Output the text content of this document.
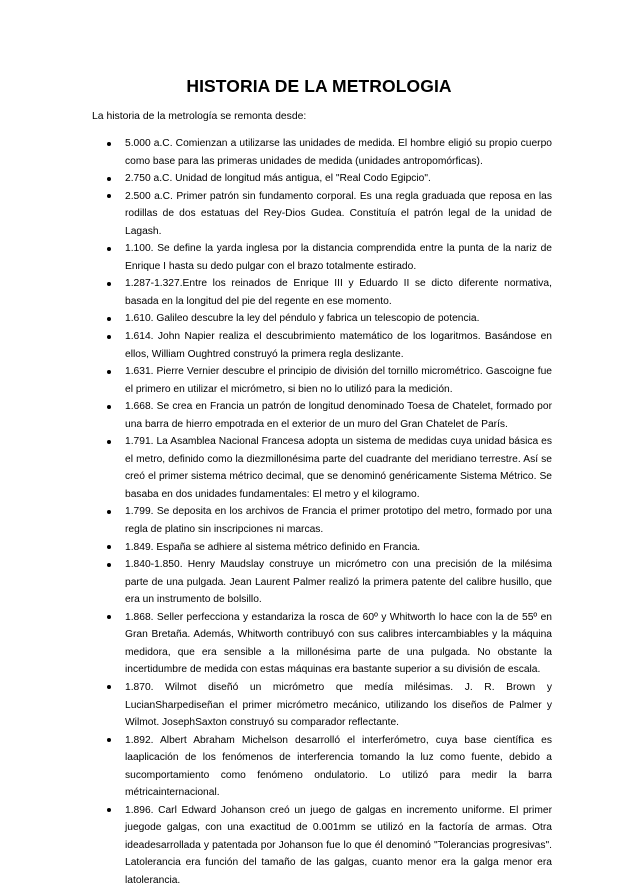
HISTORIA DE LA METROLOGIA

La historia de la metrología se remonta desde:

5.000 a.C. Comienzan a utilizarse las unidades de medida. El hombre eligió su propio cuerpo como base para las primeras unidades de medida (unidades antropomórficas).
2.750 a.C. Unidad de longitud más antigua, el "Real Codo Egipcio".
2.500 a.C. Primer patrón sin fundamento corporal. Es una regla graduada que reposa en las rodillas de dos estatuas del Rey-Dios Gudea. Constituía el patrón legal de la unidad de Lagash.
1.100. Se define la yarda inglesa por la distancia comprendida entre la punta de la nariz de Enrique I hasta su dedo pulgar con el brazo totalmente estirado.
1.287-1.327.Entre los reinados de Enrique III y Eduardo II se dicto diferente normativa, basada en la longitud del pie del regente en ese momento.
1.610. Galileo descubre la ley del péndulo y fabrica un telescopio de potencia.
1.614. John Napier realiza el descubrimiento matemático de los logaritmos. Basándose en ellos, William Oughtred construyó la primera regla deslizante.
1.631. Pierre Vernier descubre el principio de división del tornillo micrométrico. Gascoigne fue el primero en utilizar el micrómetro, si bien no lo utilizó para la medición.
1.668. Se crea en Francia un patrón de longitud denominado Toesa de Chatelet, formado por una barra de hierro empotrada en el exterior de un muro del Gran Chatelet de París.
1.791. La Asamblea Nacional Francesa adopta un sistema de medidas cuya unidad básica es el metro, definido como la diezmillonésima parte del cuadrante del meridiano terrestre. Así se creó el primer sistema métrico decimal, que se denominó genéricamente Sistema Métrico. Se basaba en dos unidades fundamentales: El metro y el kilogramo.
1.799. Se deposita en los archivos de Francia el primer prototipo del metro, formado por una regla de platino sin inscripciones ni marcas.
1.849. España se adhiere al sistema métrico definido en Francia.
1.840-1.850. Henry Maudslay construye un micrómetro con una precisión de la milésima parte de una pulgada. Jean Laurent Palmer realizó la primera patente del calibre husillo, que era un instrumento de bolsillo.
1.868. Seller perfecciona y estandariza la rosca de 60º y Whitworth lo hace con la de 55º en Gran Bretaña. Además, Whitworth contribuyó con sus calibres intercambiables y la máquina medidora, que era sensible a la millonésima parte de una pulgada. No obstante la incertidumbre de medida con estas máquinas era bastante superior a su división de escala.
1.870. Wilmot diseñó un micrómetro que medía milésimas. J. R. Brown y LucianSharpediseñan el primer micrómetro mecánico, utilizando los diseños de Palmer y Wilmot. JosephSaxton construyó su comparador reflectante.
1.892. Albert Abraham Michelson desarrolló el interferómetro, cuya base científica es laaplicación de los fenómenos de interferencia tomando la luz como fuente, debido a sucomportamiento como fenómeno ondulatorio. Lo utilizó para medir la barra métricainternacional.
1.896. Carl Edward Johanson creó un juego de galgas en incremento uniforme. El primer juegode galgas, con una exactitud de 0.001mm se utilizó en la factoría de armas. Otra ideadesarrollada y patentada por Johanson fue lo que él denominó "Tolerancias progresivas". Latolerancia era función del tamaño de las galgas, cuanto menor era la galga menor era latolerancia.
